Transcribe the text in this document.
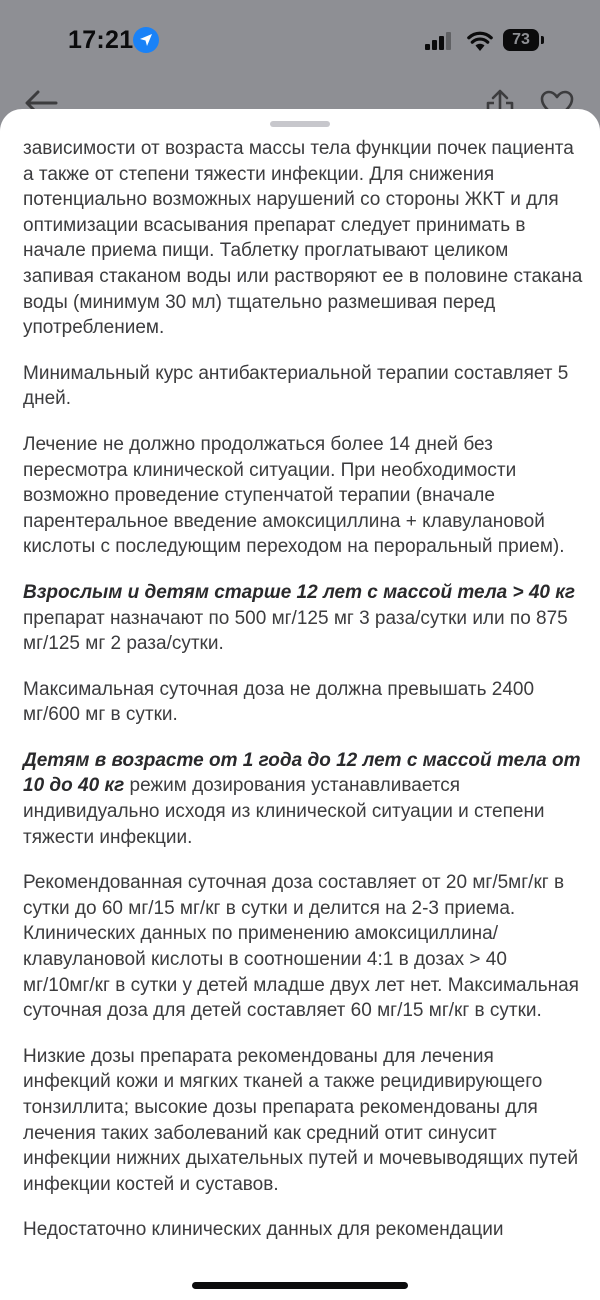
17:21	73

зависимости от возраста массы тела функции почек пациента а также от степени тяжести инфекции. Для снижения потенциально возможных нарушений со стороны ЖКТ и для оптимизации всасывания препарат следует принимать в начале приема пищи. Таблетку проглатывают целиком запивая стаканом воды или растворяют ее в половине стакана воды (минимум 30 мл) тщательно размешивая перед употреблением.

Минимальный курс антибактериальной терапии составляет 5 дней.

Лечение не должно продолжаться более 14 дней без пересмотра клинической ситуации. При необходимости возможно проведение ступенчатой терапии (вначале парентеральное введение амоксициллина + клавулановой кислоты с последующим переходом на пероральный прием).

Взрослым и детям старше 12 лет с массой тела > 40 кг препарат назначают по 500 мг/125 мг 3 раза/сутки или по 875 мг/125 мг 2 раза/сутки.

Максимальная суточная доза не должна превышать 2400 мг/600 мг в сутки.

Детям в возрасте от 1 года до 12 лет с массой тела от 10 до 40 кг режим дозирования устанавливается индивидуально исходя из клинической ситуации и степени тяжести инфекции.

Рекомендованная суточная доза составляет от 20 мг/5мг/кг в сутки до 60 мг/15 мг/кг в сутки и делится на 2-3 приема. Клинических данных по применению амоксициллина/клавулановой кислоты в соотношении 4:1 в дозах > 40 мг/10мг/кг в сутки у детей младше двух лет нет. Максимальная суточная доза для детей составляет 60 мг/15 мг/кг в сутки.

Низкие дозы препарата рекомендованы для лечения инфекций кожи и мягких тканей а также рецидивирующего тонзиллита; высокие дозы препарата рекомендованы для лечения таких заболеваний как средний отит синусит инфекции нижних дыхательных путей и мочевыводящих путей инфекции костей и суставов.

Недостаточно клинических данных для рекомендации
